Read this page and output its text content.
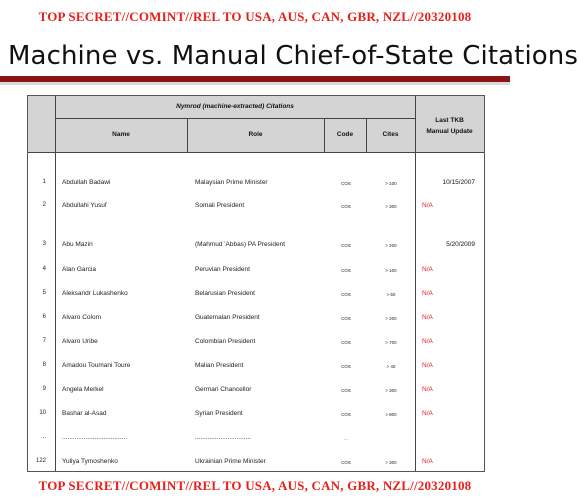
TOP SECRET//COMINT//REL TO USA, AUS, CAN, GBR, NZL//20320108
Machine vs. Manual Chief-of-State Citations
Nymrod (machine-extracted) Citations
Name	Role	Code	Cites
Last TKB
Manual Update
1 Abdullah Badawi	Malaysian Prime Minister	COS	> 100	10/15/2007
2 Abdullahi Yusuf	Somali President	COS	> 300	N/A
3 Abu Mazin	(Mahmud 'Abbas) PA President	COS	> 200	5/20/2009
4 Alan Garcia	Peruvian President	COS	> 100	N/A
5 Aleksandr Lukashenko	Belarusian President	COS	> 50	N/A
6 Alvaro Colom	Guatemalan President	COS	> 200	N/A
7 Alvaro Uribe	Colombian President	COS	> 700	N/A
8 Amadou Toumani Toure	Malian President	COS	> 40	N/A
9 Angela Merkel	German Chancellor	COS	> 300	N/A
10 Bashar al-Asad	Syrian President	COS	> 800	N/A
... ....................................	...............................	...
122 Yuliya Tymoshenko	Ukrainian Prime Minister	COS	> 300	N/A
TOP SECRET//COMINT//REL TO USA, AUS, CAN, GBR, NZL//20320108
